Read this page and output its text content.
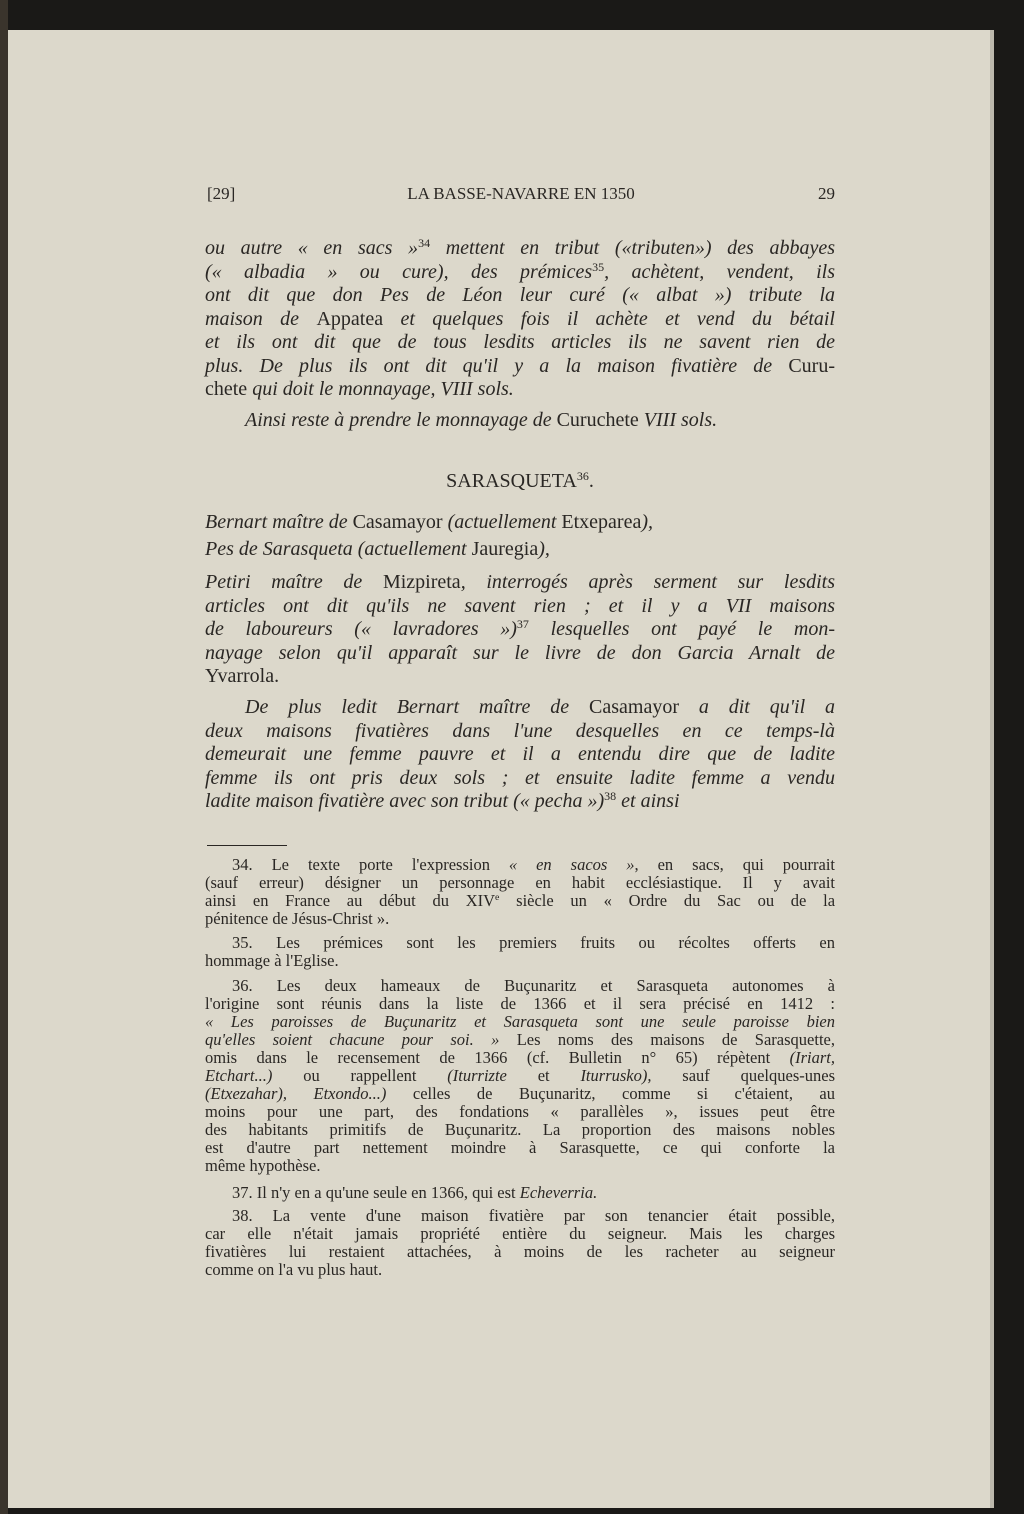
[29]	LA BASSE-NAVARRE EN 1350	29
SARASQUETA$^{36}$.
ou autre « en sacs »$^{34}$ mettent en tribut («tributen») des abbayes
(« albadia » ou cure), des prémices$^{35}$, achètent, vendent, ils
ont dit que don Pes de Léon leur curé (« albat ») tribute la
maison de Appatea et quelques fois il achète et vend du bétail
et ils ont dit que de tous lesdits articles ils ne savent rien de
plus. De plus ils ont dit qu'il y a la maison fivatière de Curu-
chete qui doit le monnayage, VIII sols.
Ainsi reste à prendre le monnayage de Curuchete VIII sols.
Bernart maître de Casamayor (actuellement Etxeparea),
Pes de Sarasqueta (actuellement Jauregia),
Petiri maître de Mizpireta, interrogés après serment sur lesdits
articles ont dit qu'ils ne savent rien ; et il y a VII maisons
de laboureurs (« lavradores »)$^{37}$ lesquelles ont payé le mon-
nayage selon qu'il apparaît sur le livre de don Garcia Arnalt de
Yvarrola.
De plus ledit Bernart maître de Casamayor a dit qu'il a
deux maisons fivatières dans l'une desquelles en ce temps-là
demeurait une femme pauvre et il a entendu dire que de ladite
femme ils ont pris deux sols ; et ensuite ladite femme a vendu
ladite maison fivatière avec son tribut (« pecha »)$^{38}$ et ainsi
34. Le texte porte l'expression « en sacos », en sacs, qui pourrait
(sauf erreur) désigner un personnage en habit ecclésiastique. Il y avait
ainsi en France au début du XIVe siècle un « Ordre du Sac ou de la
pénitence de Jésus-Christ ».
35. Les prémices sont les premiers fruits ou récoltes offerts en
hommage à l'Eglise.
36. Les deux hameaux de Buçunaritz et Sarasqueta autonomes à
l'origine sont réunis dans la liste de 1366 et il sera précisé en 1412 :
« Les paroisses de Buçunaritz et Sarasqueta sont une seule paroisse bien
qu'elles soient chacune pour soi. » Les noms des maisons de Sarasquette,
omis dans le recensement de 1366 (cf. Bulletin n° 65) répètent (Iriart,
Etchart...) ou rappellent (Iturrizte et Iturrusko), sauf quelques-unes
(Etxezahar), Etxondo...) celles de Buçunaritz, comme si c'étaient, au
moins pour une part, des fondations « parallèles », issues peut être
des habitants primitifs de Buçunaritz. La proportion des maisons nobles
est d'autre part nettement moindre à Sarasquette, ce qui conforte la
même hypothèse.
37. Il n'y en a qu'une seule en 1366, qui est Echeverria.
38. La vente d'une maison fivatière par son tenancier était possible,
car elle n'était jamais propriété entière du seigneur. Mais les charges
fivatières lui restaient attachées, à moins de les racheter au seigneur
comme on l'a vu plus haut.
